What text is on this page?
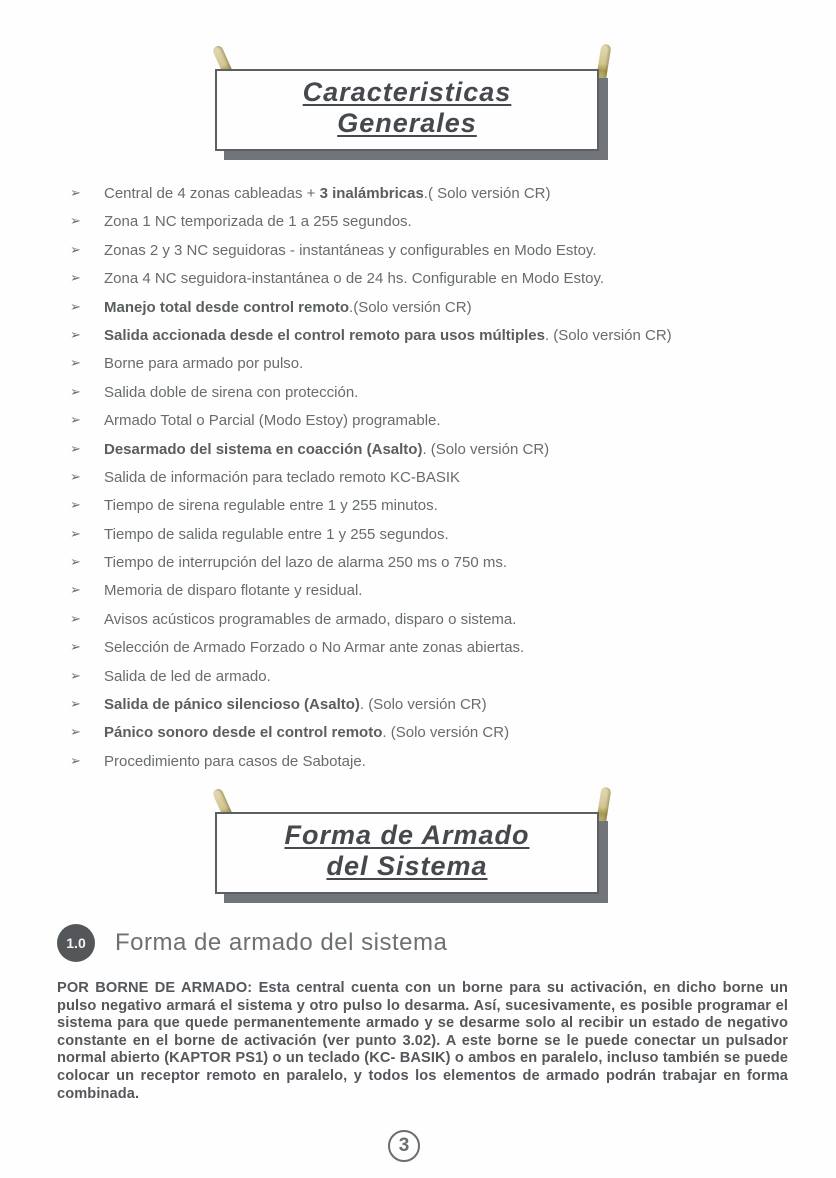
Caracteristicas
Generales
➢	Central de 4 zonas cableadas + 3 inalámbricas.( Solo versión CR)
➢	Zona 1 NC temporizada de 1 a 255 segundos.
➢	Zonas 2 y 3 NC seguidoras - instantáneas y configurables en Modo Estoy.
➢	Zona 4 NC seguidora-instantánea o de 24 hs. Configurable en Modo Estoy.
➢	Manejo total desde control remoto.(Solo versión CR)
➢	Salida accionada desde el control remoto para usos múltiples. (Solo versión CR)
➢	Borne para armado por pulso.
➢	Salida doble de sirena con protección.
➢	Armado Total o Parcial (Modo Estoy) programable.
➢	Desarmado del sistema en coacción (Asalto). (Solo versión CR)
➢	Salida de información para teclado remoto KC-BASIK
➢	Tiempo de sirena regulable entre 1 y 255 minutos.
➢	Tiempo de salida regulable entre 1 y 255 segundos.
➢	Tiempo de interrupción del lazo de alarma 250 ms o 750 ms.
➢	Memoria de disparo flotante y residual.
➢	Avisos acústicos programables de armado, disparo o sistema.
➢	Selección de Armado Forzado o No Armar ante zonas abiertas.
➢	Salida de led de armado.
➢	Salida de pánico silencioso (Asalto). (Solo versión CR)
➢	Pánico sonoro desde el control remoto. (Solo versión CR)
➢	Procedimiento para casos de Sabotaje.
Forma de Armado
del Sistema
1.0	Forma de armado del sistema

POR BORNE DE ARMADO: Esta central cuenta con un borne para su activación, en dicho borne un pulso negativo armará el sistema y otro pulso lo desarma. Así, sucesivamente, es posible programar el sistema para que quede permanentemente armado y se desarme solo al recibir un estado de negativo constante en el borne de activación (ver punto 3.02). A este borne se le puede conectar un pulsador normal abierto (KAPTOR PS1) o un teclado (KC- BASIK) o ambos en paralelo, incluso también se puede colocar un receptor remoto en paralelo, y todos los elementos de armado podrán trabajar en forma combinada.

3
